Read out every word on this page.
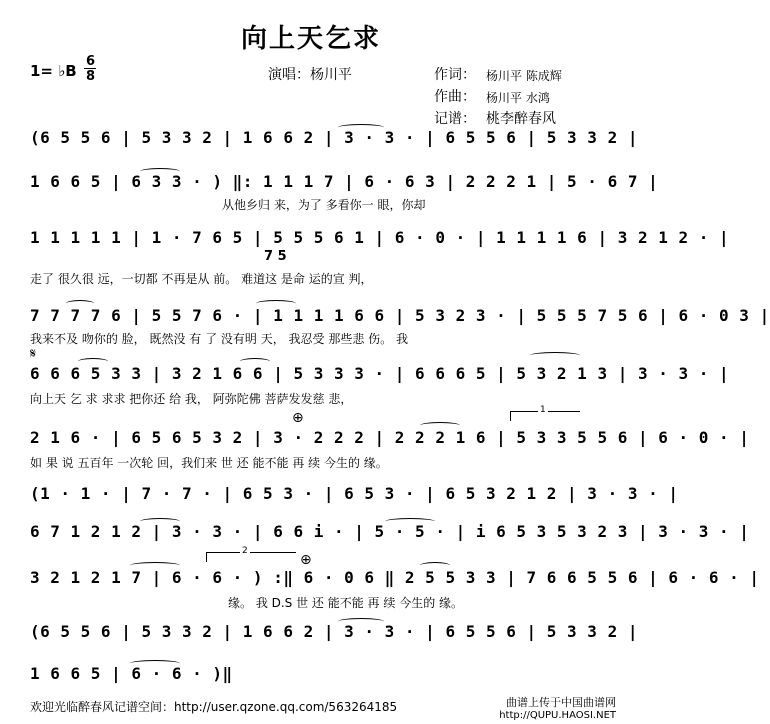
向上天乞求
1= ♭B
6
8	演唱：杨川平	作词： 杨川平 陈成辉
作曲： 杨川平 水鸿
记谱： 桃李醉春风
(6 5 5 6 | 5 3 3 2 | 1 6 6 2 | 3 · 3 · | 6 5 5 6 | 5 3 3 2 |
1 6 6 5 | 6 3 3 · ) ‖: 1 1 1 7 | 6 · 6 3 | 2 2 2 1 | 5 · 6 7 |
从他乡归 来，为了 多看你一 眼，你却
1 1 1 1 1 | 1 · 7 6 5 | 5 5 5 6 1 | 6 · 0 · | 1 1 1 1 6 | 3 2 1 2 · |
7 5
走了 很久很 远，一切都 不再是从 前。 难道这 是命 运的宣 判，
7 7 7 7 6 | 5 5 7 6 · | 1 1 1 1 6 6 | 5 3 2 3 · | 5 5 5 7 5 6 | 6 · 0 3 |
我来不及 吻你的 脸， 既然没 有 了 没有明 天， 我忍受 那些悲 伤。 我
𝄋
6 6 6 5 3 3 | 3 2 1 6 6 | 5 3 3 3 · | 6 6 6 5 | 5 3 2 1 3 | 3 · 3 · |
向上天 乞 求 求求 把你还 给 我， 阿弥陀佛 菩萨发发慈 悲，
1
⊕
2 1 6 · | 6 5 6 5 3 2 | 3 · 2 2 2 | 2 2 2 1 6 | 5 3 3 5 5 6 | 6 · 0 · |
如 果 说 五百年 一次轮 回，我们来 世 还 能不能 再 续 今生的 缘。
(1 · 1 · | 7 · 7 · | 6 5 3 · | 6 5 3 · | 6 5 3 2 1 2 | 3 · 3 · |
6 7 1 2 1 2 | 3 · 3 · | 6 6 i · | 5 · 5 · | i 6 5 3 5 3 2 3 | 3 · 3 · |
2
3 2 1 2 1 7 | 6 · 6 · ) :‖ 6 · 0 6 ‖ 2 5 5 3 3 | 7 6 6 5 5 6 | 6 · 6 · |
⊕
缘。 我 D.S 世 还 能不能 再 续 今生的 缘。
(6 5 5 6 | 5 3 3 2 | 1 6 6 2 | 3 · 3 · | 6 5 5 6 | 5 3 3 2 |
1 6 6 5 | 6 · 6 · )‖
欢迎光临醉春风记谱空间：http://user.qzone.qq.com/563264185	曲谱上传于中国曲谱网
http://QUPU.HAOSI.NET
